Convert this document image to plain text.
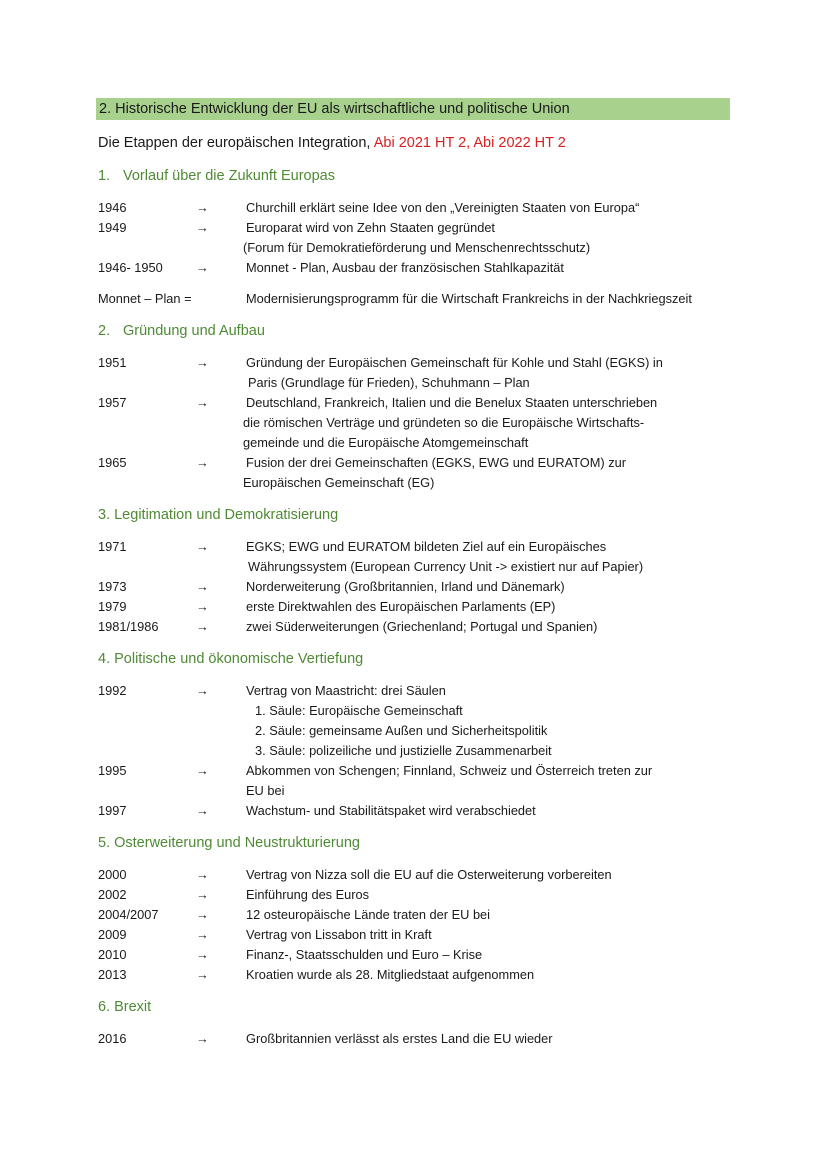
2. Historische Entwicklung der EU als wirtschaftliche und politische Union
Die Etappen der europäischen Integration, Abi 2021 HT 2, Abi 2022 HT 2
1. Vorlauf über die Zukunft Europas
1946	→	Churchill erklärt seine Idee von den „Vereinigten Staaten von Europa“
1949	→	Europarat wird von Zehn Staaten gegründet
(Forum für Demokratieförderung und Menschenrechtsschutz)
1946- 1950	→	Monnet - Plan, Ausbau der französischen Stahlkapazität
Monnet – Plan =	Modernisierungsprogramm für die Wirtschaft Frankreichs in der Nachkriegszeit
2. Gründung und Aufbau
1951	→	Gründung der Europäischen Gemeinschaft für Kohle und Stahl (EGKS) in
Paris (Grundlage für Frieden), Schuhmann – Plan
1957	→	Deutschland, Frankreich, Italien und die Benelux Staaten unterschrieben
die römischen Verträge und gründeten so die Europäische Wirtschafts-
gemeinde und die Europäische Atomgemeinschaft
1965	→	Fusion der drei Gemeinschaften (EGKS, EWG und EURATOM) zur
Europäischen Gemeinschaft (EG)
3. Legitimation und Demokratisierung
1971	→	EGKS; EWG und EURATOM bildeten Ziel auf ein Europäisches
Währungssystem (European Currency Unit -> existiert nur auf Papier)
1973	→	Norderweiterung (Großbritannien, Irland und Dänemark)
1979	→	erste Direktwahlen des Europäischen Parlaments (EP)
1981/1986	→	zwei Süderweiterungen (Griechenland; Portugal und Spanien)
4. Politische und ökonomische Vertiefung
1992	→	Vertrag von Maastricht: drei Säulen
1. Säule: Europäische Gemeinschaft
2. Säule: gemeinsame Außen und Sicherheitspolitik
3. Säule: polizeiliche und justizielle Zusammenarbeit
1995	→	Abkommen von Schengen; Finnland, Schweiz und Österreich treten zur
EU bei
1997	→	Wachstum- und Stabilitätspaket wird verabschiedet
5. Osterweiterung und Neustrukturierung
2000	→	Vertrag von Nizza soll die EU auf die Osterweiterung vorbereiten
2002	→	Einführung des Euros
2004/2007	→	12 osteuropäische Lände traten der EU bei
2009	→	Vertrag von Lissabon tritt in Kraft
2010	→	Finanz-, Staatsschulden und Euro – Krise
2013	→	Kroatien wurde als 28. Mitgliedstaat aufgenommen
6. Brexit
2016	→	Großbritannien verlässt als erstes Land die EU wieder
